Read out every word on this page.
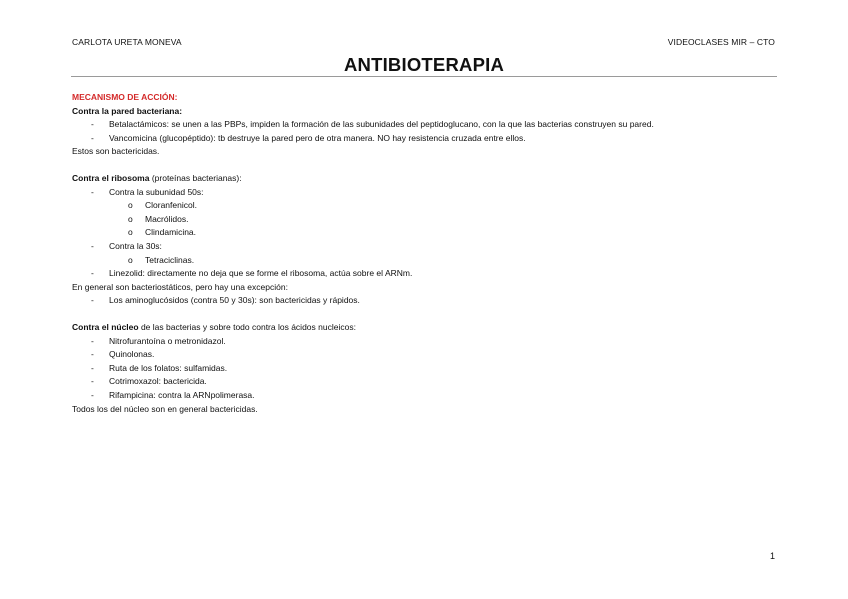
CARLOTA URETA MONEVA	VIDEOCLASES MIR – CTO
ANTIBIOTERAPIA
MECANISMO DE ACCIÓN:
Contra la pared bacteriana:
- Betalactámicos: se unen a las PBPs, impiden la formación de las subunidades del peptidoglucano, con la que las bacterias construyen su pared.
- Vancomicina (glucopéptido): tb destruye la pared pero de otra manera. NO hay resistencia cruzada entre ellos.
Estos son bactericidas.
Contra el ribosoma (proteínas bacterianas):
- Contra la subunidad 50s:
o Cloranfenicol.
o Macrólidos.
o Clindamicina.
- Contra la 30s:
o Tetraciclinas.
- Linezolid: directamente no deja que se forme el ribosoma, actúa sobre el ARNm.
En general son bacteriostáticos, pero hay una excepción:
- Los aminoglucósidos (contra 50 y 30s): son bactericidas y rápidos.
Contra el núcleo de las bacterias y sobre todo contra los ácidos nucleicos:
- Nitrofurantoína o metronidazol.
- Quinolonas.
- Ruta de los folatos: sulfamidas.
- Cotrimoxazol: bactericida.
- Rifampicina: contra la ARNpolimerasa.
Todos los del núcleo son en general bactericidas.
1
